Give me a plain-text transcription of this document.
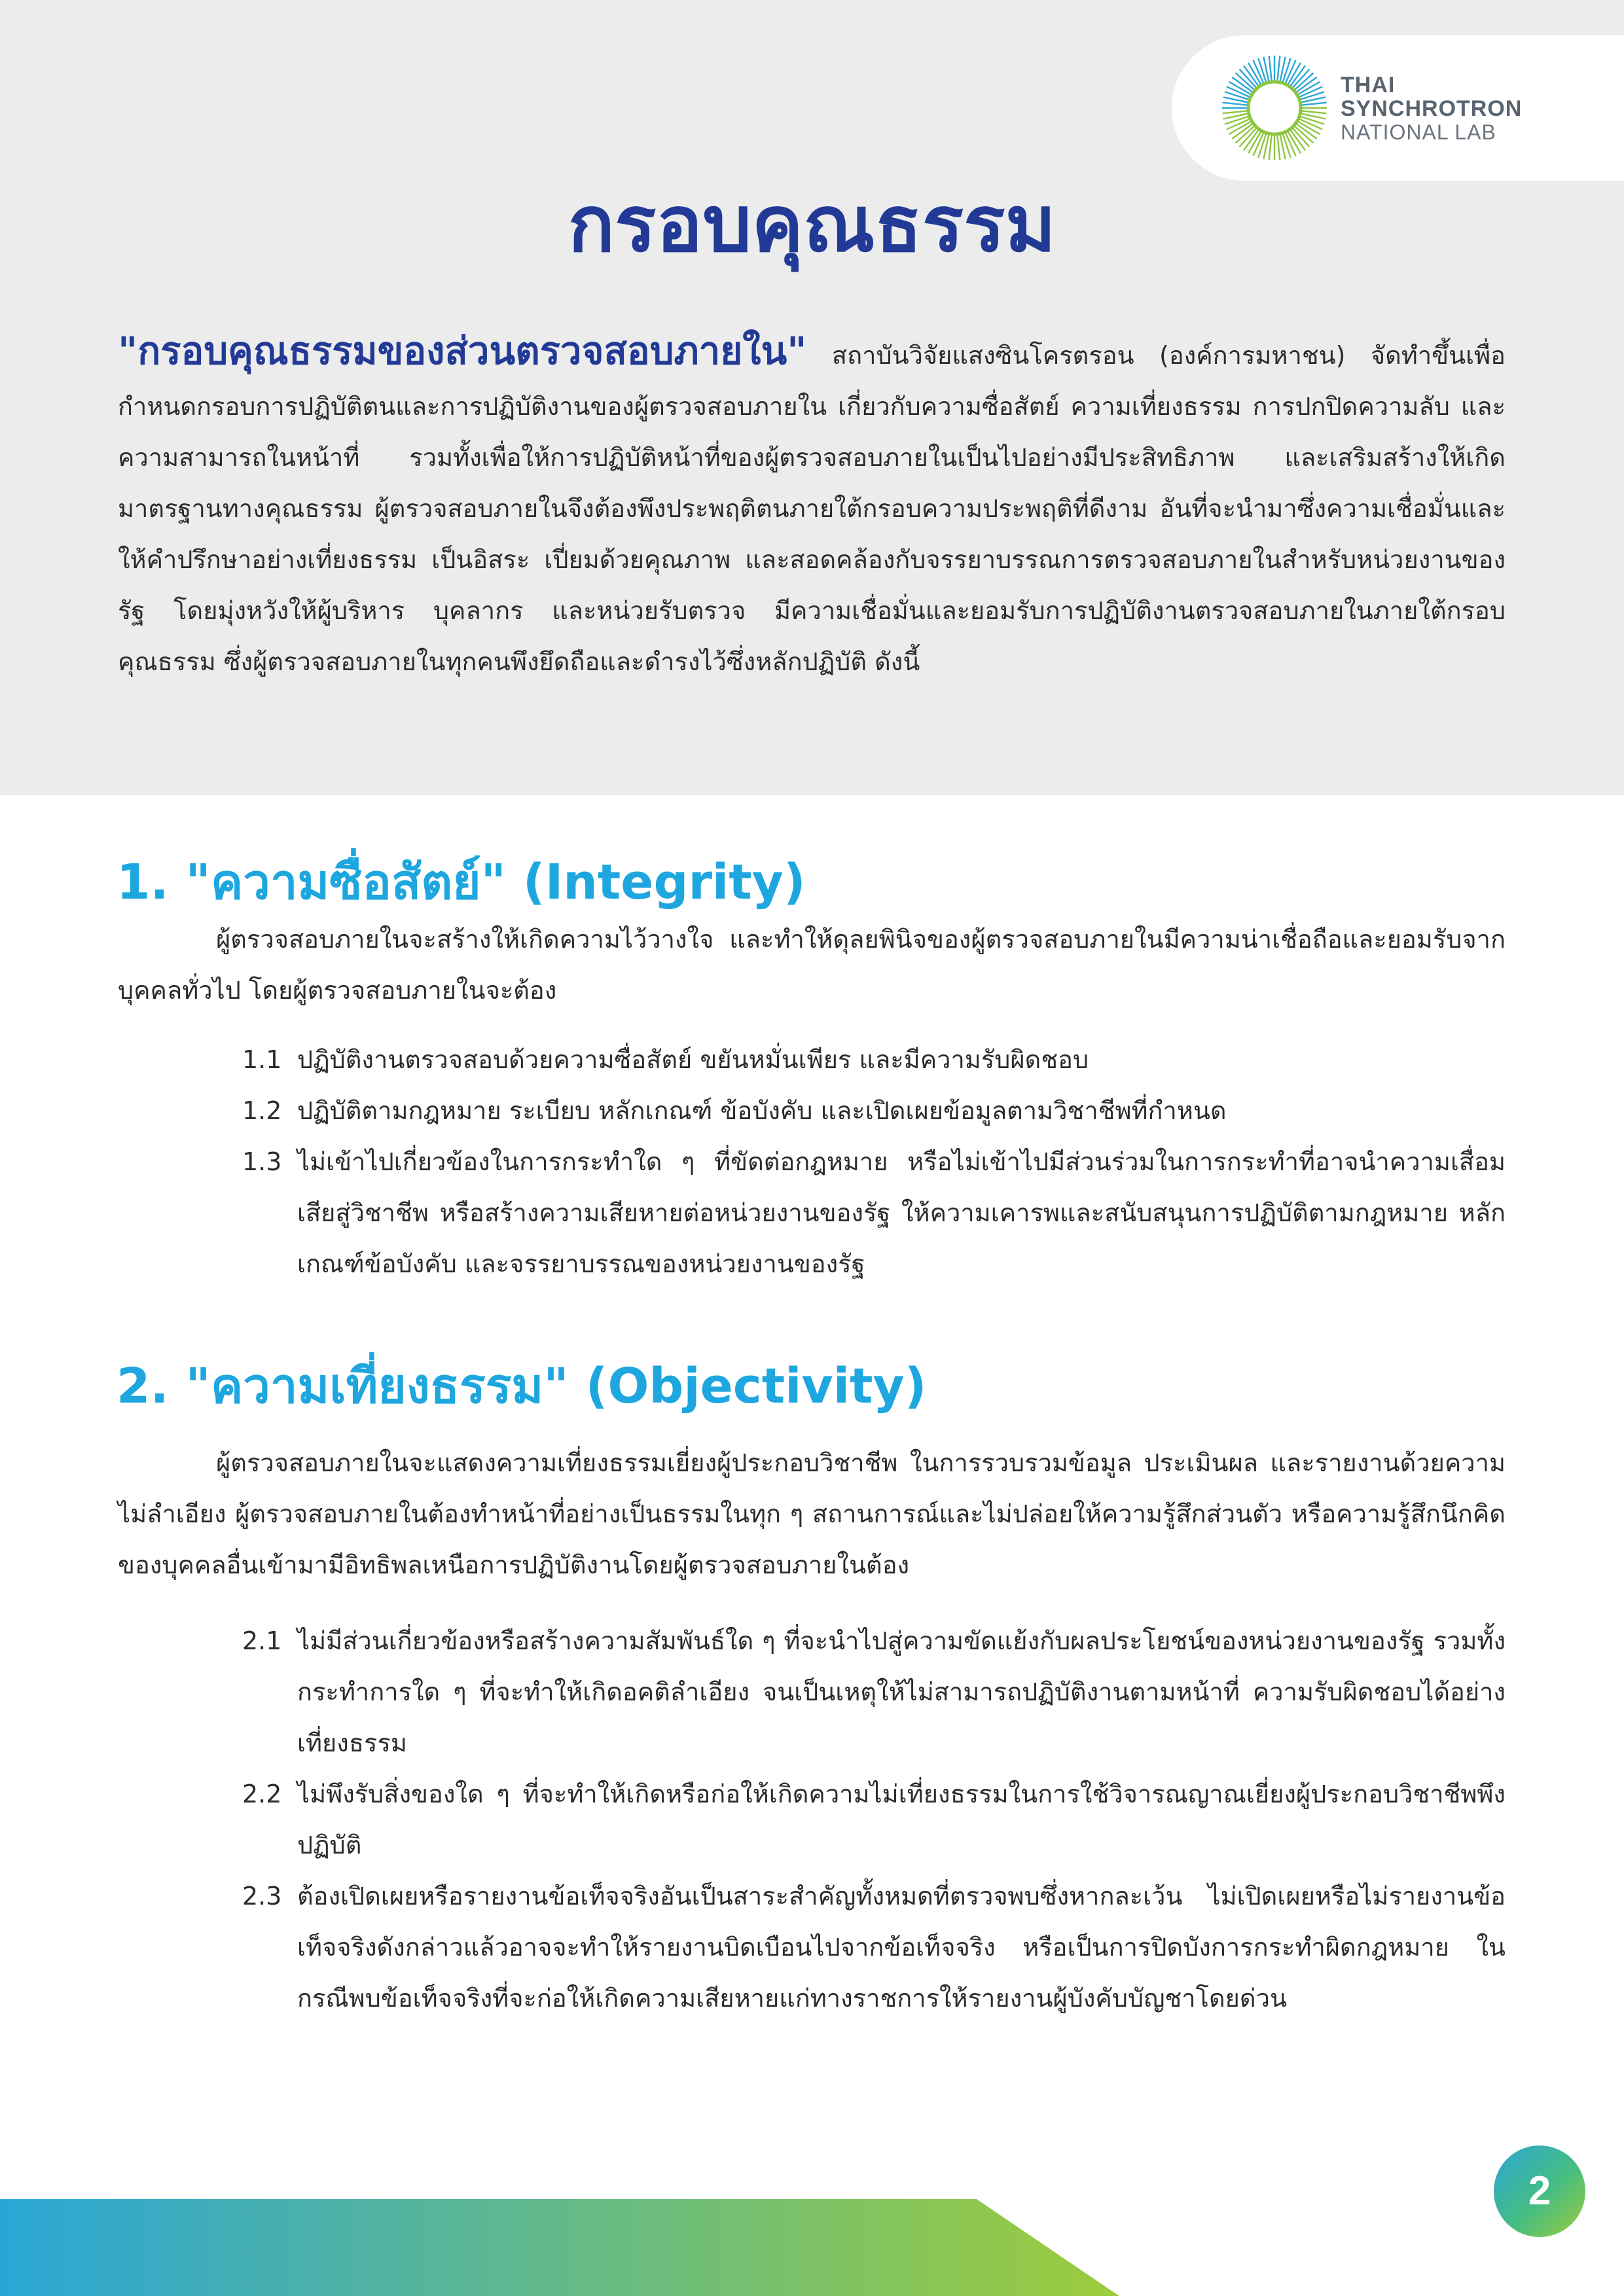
THAI
SYNCHROTRON
NATIONAL LAB
กรอบคุณธรรม

"กรอบคุณธรรมของส่วนตรวจสอบภายใน" สถาบันวิจัยแสงซินโครตรอน (องค์การมหาชน) จัดทำขึ้นเพื่อกำหนดกรอบการปฏิบัติตนและการปฏิบัติงานของผู้ตรวจสอบภายใน เกี่ยวกับความซื่อสัตย์ ความเที่ยงธรรม การปกปิดความลับ และความสามารถในหน้าที่ รวมทั้งเพื่อให้การปฏิบัติหน้าที่ของผู้ตรวจสอบภายในเป็นไปอย่างมีประสิทธิภาพ และเสริมสร้างให้เกิดมาตรฐานทางคุณธรรม ผู้ตรวจสอบภายในจึงต้องพึงประพฤติตนภายใต้กรอบความประพฤติที่ดีงาม อันที่จะนำมาซึ่งความเชื่อมั่นและให้คำปรึกษาอย่างเที่ยงธรรม เป็นอิสระ เปี่ยมด้วยคุณภาพ และสอดคล้องกับจรรยาบรรณการตรวจสอบภายในสำหรับหน่วยงานของรัฐ โดยมุ่งหวังให้ผู้บริหาร บุคลากร และหน่วยรับตรวจ มีความเชื่อมั่นและยอมรับการปฏิบัติงานตรวจสอบภายในภายใต้กรอบคุณธรรม ซึ่งผู้ตรวจสอบภายในทุกคนพึงยึดถือและดำรงไว้ซึ่งหลักปฏิบัติ ดังนี้

1. "ความซื่อสัตย์" (Integrity)

ผู้ตรวจสอบภายในจะสร้างให้เกิดความไว้วางใจ และทำให้ดุลยพินิจของผู้ตรวจสอบภายในมีความน่าเชื่อถือและยอมรับจากบุคคลทั่วไป โดยผู้ตรวจสอบภายในจะต้อง

1.1 ปฏิบัติงานตรวจสอบด้วยความซื่อสัตย์ ขยันหมั่นเพียร และมีความรับผิดชอบ
1.2 ปฏิบัติตามกฎหมาย ระเบียบ หลักเกณฑ์ ข้อบังคับ และเปิดเผยข้อมูลตามวิชาชีพที่กำหนด
1.3 ไม่เข้าไปเกี่ยวข้องในการกระทำใด ๆ ที่ขัดต่อกฎหมาย หรือไม่เข้าไปมีส่วนร่วมในการกระทำที่อาจนำความเสื่อมเสียสู่วิชาชีพ หรือสร้างความเสียหายต่อหน่วยงานของรัฐ ให้ความเคารพและสนับสนุนการปฏิบัติตามกฎหมาย หลักเกณฑ์ข้อบังคับ และจรรยาบรรณของหน่วยงานของรัฐ
2. "ความเที่ยงธรรม" (Objectivity)

ผู้ตรวจสอบภายในจะแสดงความเที่ยงธรรมเยี่ยงผู้ประกอบวิชาชีพ ในการรวบรวมข้อมูล ประเมินผล และรายงานด้วยความไม่ลำเอียง ผู้ตรวจสอบภายในต้องทำหน้าที่อย่างเป็นธรรมในทุก ๆ สถานการณ์และไม่ปล่อยให้ความรู้สึกส่วนตัว หรือความรู้สึกนึกคิดของบุคคลอื่นเข้ามามีอิทธิพลเหนือการปฏิบัติงานโดยผู้ตรวจสอบภายในต้อง

2.1 ไม่มีส่วนเกี่ยวข้องหรือสร้างความสัมพันธ์ใด ๆ ที่จะนำไปสู่ความขัดแย้งกับผลประโยชน์ของหน่วยงานของรัฐ รวมทั้งกระทำการใด ๆ ที่จะทำให้เกิดอคติลำเอียง จนเป็นเหตุให้ไม่สามารถปฏิบัติงานตามหน้าที่ ความรับผิดชอบได้อย่างเที่ยงธรรม
2.2 ไม่พึงรับสิ่งของใด ๆ ที่จะทำให้เกิดหรือก่อให้เกิดความไม่เที่ยงธรรมในการใช้วิจารณญาณเยี่ยงผู้ประกอบวิชาชีพพึงปฏิบัติ
2.3 ต้องเปิดเผยหรือรายงานข้อเท็จจริงอันเป็นสาระสำคัญทั้งหมดที่ตรวจพบซึ่งหากละเว้น ไม่เปิดเผยหรือไม่รายงานข้อเท็จจริงดังกล่าวแล้วอาจจะทำให้รายงานบิดเบือนไปจากข้อเท็จจริง หรือเป็นการปิดบังการกระทำผิดกฎหมาย ในกรณีพบข้อเท็จจริงที่จะก่อให้เกิดความเสียหายแก่ทางราชการให้รายงานผู้บังคับบัญชาโดยด่วน
2
